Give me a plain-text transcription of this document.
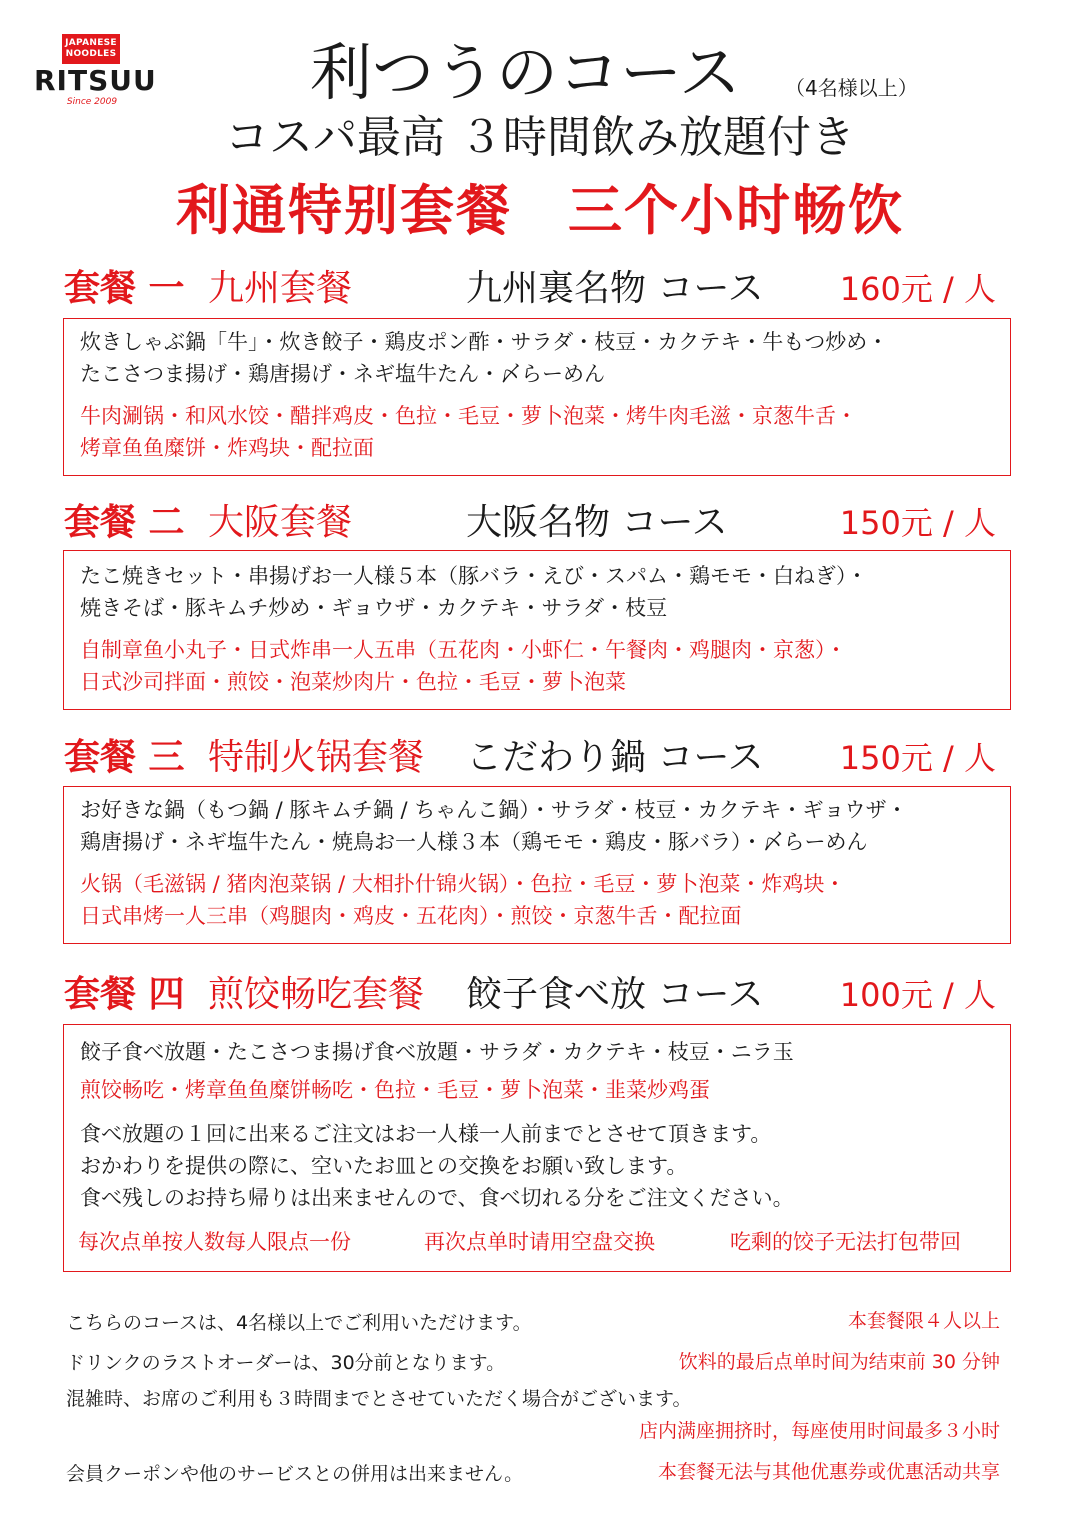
JAPANESE
NOODLES
RITSUU
Since 2009	利つうのコース （4名様以上）
コスパ最高 ３時間飲み放題付き
利通特别套餐　三个小时畅饮
套餐 一 九州套餐	九州裏名物 コース 160元 / 人
炊きしゃぶ鍋「牛」・炊き餃子・鶏皮ポン酢・サラダ・枝豆・カクテキ・牛もつ炒め・
たこさつま揚げ・鶏唐揚げ・ネギ塩牛たん・〆らーめん
牛肉涮锅・和风水饺・醋拌鸡皮・色拉・毛豆・萝卜泡菜・烤牛肉毛滋・京葱牛舌・
烤章鱼鱼糜饼・炸鸡块・配拉面
套餐 二 大阪套餐	大阪名物 コース	150元 / 人
たこ焼きセット・串揚げお一人様５本（豚バラ・えび・スパム・鶏モモ・白ねぎ）・
焼きそば・豚キムチ炒め・ギョウザ・カクテキ・サラダ・枝豆
自制章鱼小丸子・日式炸串一人五串（五花肉・小虾仁・午餐肉・鸡腿肉・京葱）・
日式沙司拌面・煎饺・泡菜炒肉片・色拉・毛豆・萝卜泡菜
套餐 三 特制火锅套餐 こだわり鍋 コース 150元 / 人
お好きな鍋（もつ鍋 / 豚キムチ鍋 / ちゃんこ鍋）・サラダ・枝豆・カクテキ・ギョウザ・
鶏唐揚げ・ネギ塩牛たん・焼鳥お一人様３本（鶏モモ・鶏皮・豚バラ）・〆らーめん
火锅（毛滋锅 / 猪肉泡菜锅 / 大相扑什锦火锅）・色拉・毛豆・萝卜泡菜・炸鸡块・
日式串烤一人三串（鸡腿肉・鸡皮・五花肉）・煎饺・京葱牛舌・配拉面
套餐 四 煎饺畅吃套餐 餃子食べ放 コース 100元 / 人
餃子食べ放題・たこさつま揚げ食べ放題・サラダ・カクテキ・枝豆・ニラ玉
煎饺畅吃・烤章鱼鱼糜饼畅吃・色拉・毛豆・萝卜泡菜・韭菜炒鸡蛋
食べ放題の１回に出来るご注文はお一人様一人前までとさせて頂きます。
おかわりを提供の際に、空いたお皿との交換をお願い致します。
食べ残しのお持ち帰りは出来ませんので、食べ切れる分をご注文ください。
每次点单按人数每人限点一份	再次点单时请用空盘交换	吃剩的饺子无法打包带回
こちらのコースは、4名様以上でご利用いただけます。	本套餐限４人以上
ドリンクのラストオーダーは、30分前となります。	饮料的最后点单时间为结束前 30 分钟
混雑時、お席のご利用も３時間までとさせていただく場合がございます。
店内满座拥挤时，每座使用时间最多３小时
会員クーポンや他のサービスとの併用は出来ません。	本套餐无法与其他优惠券或优惠活动共享
